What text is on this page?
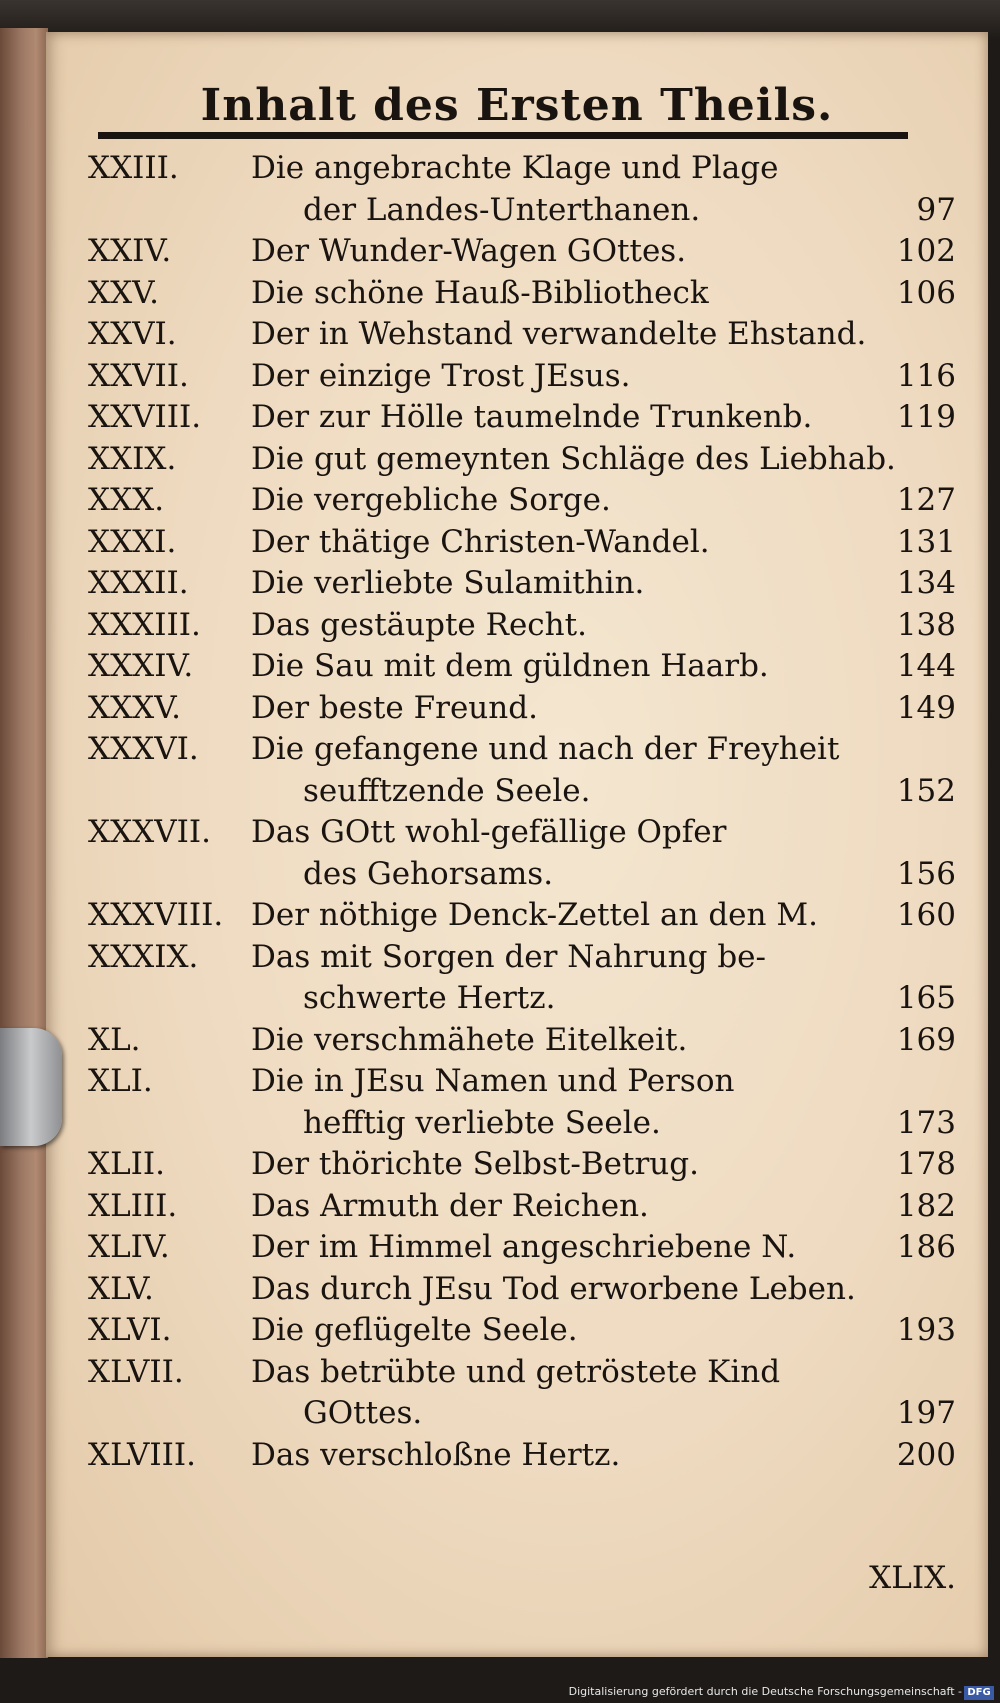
Inhalt des Ersten Theils.
XXIII. Die angebrachte Klage und Plage
der Landes-Unterthanen.	97
XXIV.	Der Wunder-Wagen GOttes.	102
XXV.	Die schöne Hauß-Bibliotheck	106
XXVI. Der in Wehstand verwandelte Ehstand.
XXVII. Der einzige Trost JEsus.	116
XXVIII. Der zur Hölle taumelnde Trunkenb.	119
XXIX. Die gut gemeynten Schläge des Liebhab.
XXX.	Die vergebliche Sorge.	127
XXXI. Der thätige Christen-Wandel.	131
XXXII. Die verliebte Sulamithin.	134
XXXIII. Das gestäupte Recht.	138
XXXIV. Die Sau mit dem güldnen Haarb.	144
XXXV. Der beste Freund.	149
XXXVI. Die gefangene und nach der Freyheit
seufftzende Seele.	152
XXXVII. Das GOtt wohl-gefällige Opfer
des Gehorsams.	156
XXXVIII. Der nöthige Denck-Zettel an den M.	160
XXXIX. Das mit Sorgen der Nahrung be-
schwerte Hertz.	165
XL.	Die verschmähete Eitelkeit.	169
XLI.	Die in JEsu Namen und Person
hefftig verliebte Seele.	173
XLII.	Der thörichte Selbst-Betrug.	178
XLIII. Das Armuth der Reichen.	182
XLIV.	Der im Himmel angeschriebene N.	186
XLV.	Das durch JEsu Tod erworbene Leben.
XLVI.	Die geflügelte Seele.	193
XLVII. Das betrübte und getröstete Kind
GOttes.	197
XLVIII. Das verschloßne Hertz.	200
XLIX.
Digitalisierung gefördert durch die Deutsche Forschungsgemeinschaft - DFG
